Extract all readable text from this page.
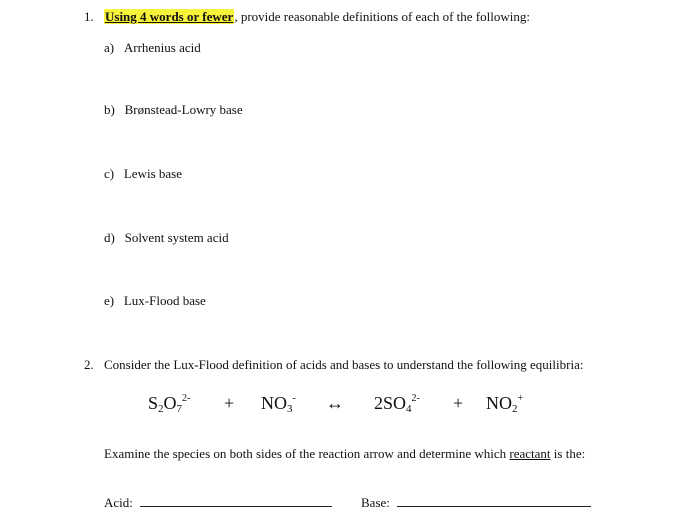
1. Using 4 words or fewer, provide reasonable definitions of each of the following:
a) Arrhenius acid
b) Brønstead-Lowry base
c) Lewis base
d) Solvent system acid
e) Lux-Flood base
2. Consider the Lux-Flood definition of acids and bases to understand the following equilibria:
$S_2O_7^{2-} + NO_3^-$ ↔ $2SO_4^{2-} + NO_2^+$
Examine the species on both sides of the reaction arrow and determine which reactant is the:
Acid:	Base:
